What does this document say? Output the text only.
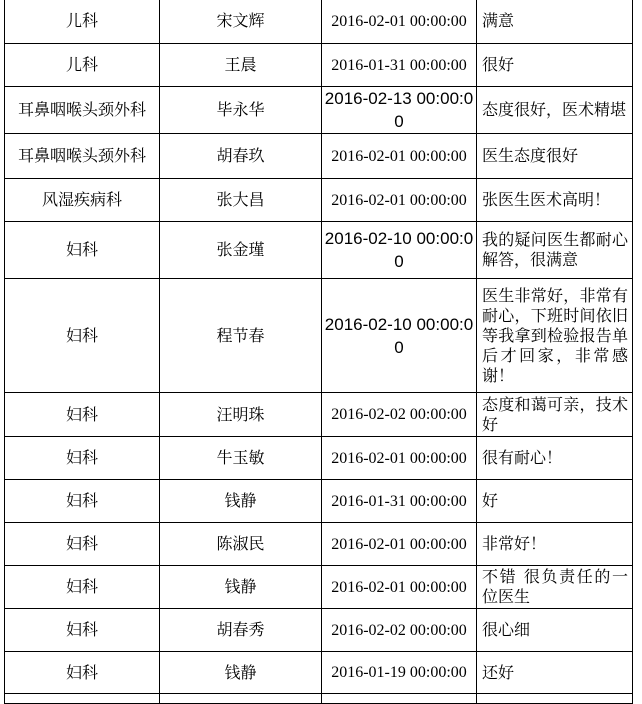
儿科	宋文辉	2016-02-01 00:00:00	满意
儿科	王晨	2016-01-31 00:00:00	很好
耳鼻咽喉头颈外科	毕永华	2016-02-13 00:00:00	态度很好，医术精堪
耳鼻咽喉头颈外科	胡春玖	2016-02-01 00:00:00	医生态度很好
风湿疾病科	张大昌	2016-02-01 00:00:00	张医生医术高明！
妇科	张金瑾	2016-02-10 00:00:00	我的疑问医生都耐心解答，很满意
妇科	程节春	2016-02-10 00:00:00	医生非常好，非常有耐心，下班时间依旧等我拿到检验报告单后才回家，非常感谢！
妇科	汪明珠	2016-02-02 00:00:00	态度和蔼可亲，技术好
妇科	牛玉敏	2016-02-01 00:00:00	很有耐心！
妇科	钱静	2016-01-31 00:00:00	好
妇科	陈淑民	2016-02-01 00:00:00	非常好！
妇科	钱静	2016-02-01 00:00:00	不错 很负责任的一位医生
妇科	胡春秀	2016-02-02 00:00:00	很心细
妇科	钱静	2016-01-19 00:00:00	还好
